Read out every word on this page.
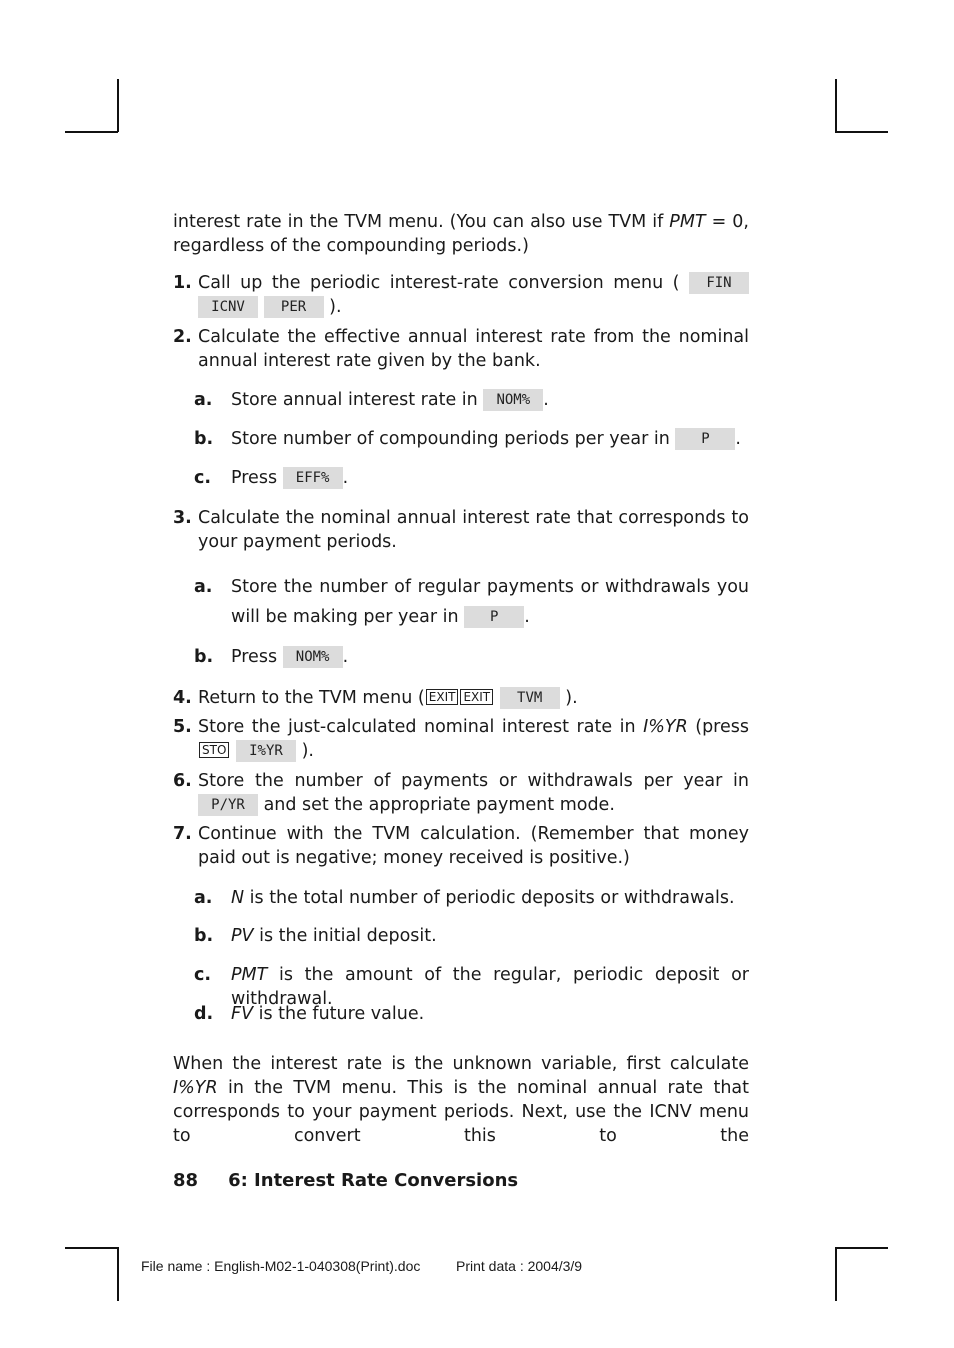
interest rate in the TVM menu. (You can also use TVM if PMT = 0, regardless of the compounding periods.)
1. Call up the periodic interest-rate conversion menu ( FIN ICNV	PER ).
2. Calculate the effective annual interest rate from the nominal annual interest rate given by the bank.
a. Store annual interest rate in NOM% .
b. Store number of compounding periods per year in P .
c. Press EFF% .
3. Calculate the nominal annual interest rate that corresponds to your payment periods.
a. Store the number of regular payments or withdrawals you will be making per year in P .
b. Press NOM% .
4. Return to the TVM menu ( EXIT EXIT TVM ).
5. Store the just-calculated nominal interest rate in I%YR (press STO I%YR ).
6. Store the number of payments or withdrawals per year in P/YR and set the appropriate payment mode.
7. Continue with the TVM calculation. (Remember that money paid out is negative; money received is positive.)
a. N is the total number of periodic deposits or withdrawals.
b. PV is the initial deposit.
c. PMT is the amount of the regular, periodic deposit or withdrawal.
d. FV is the future value.
When the interest rate is the unknown variable, first calculate I%YR in the TVM menu. This is the nominal annual rate that corresponds to your payment periods. Next, use the ICNV menu to convert this to the
88 6: Interest Rate Conversions
File name : English-M02-1-040308(Print).doc	Print data : 2004/3/9
